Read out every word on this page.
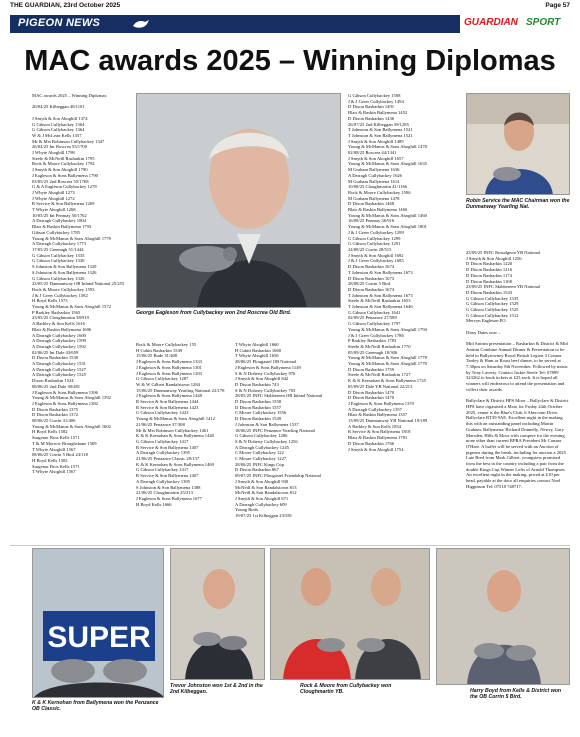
THE GUARDIAN, 23rd October 2025	Page 57
PIGEON NEWS	GUARDIAN SPORT
MAC awards 2025 – Winning Diplomas
MAC awards 2025 – Winning Diplomas

20/04/25 Kilbeggan 40/1101

J Smyth & Son Ahoghill 1374
G Gibson Cullybackey 1364
G Gibson Cullybackey 1364
W & J McLean Kells 1357
Mr & Mrs Robinson Cullybackey 1347
26/04/25 Inr Roscrea 55/1700
J Whyte Ahoghill 1798
Steele & McNeill Rasharkin 1795
Rock & Moore Cullybackey 1794
J Smyth & Son Ahoghill 1790
J Eagleson & Sons Ballymena 1790
03/05/25 2nd Roscrea 55/1768
G & A Eagleson Cullybackey 1278
J Whyte Ahoghill 1273
J Whyte Ahoghill 1272
R Service & Son Ballymena 1269
T Whyte Ahoghill 1268
10/05/25 Int Penmay 50/1762
A Darragh Cullybackey 1804
Blair & Raskin Ballymena 1793
Gibson Cullybackey 1785
Young & McManus & Sons Ahoghill 1779
A Darragh Cullybackey 1773
17/05/25 Greenagh 51/1444
G Gibson Cullybackey 1335
G Gibson Cullybackey 1330
S Johnston & Son Ballymena 1329
S Johnston & Son Ballymena 1326
G Gibson Cullybackey 1326
23/05/25 Dunmanway OB Inland National 25/255
Rock & Moore Cullybackey 1593
J & J Greer Cullybackey 1582
H Boyd Kells 1573
Young & McManus & Sons Ahoghill 1572
P Barkley Rasharkin 1565
23/05/25 Cloughmartin 38/919
A Barkley & Son Kells 1616
Blair & Raskin Ballymena 1606
A Darragh Cullybackey 1600
A Darragh Cullybackey 1599
A Darragh Cullybackey 1592
02/06/25 Int Dale 43/659
D Dixon Rasharkin 1530
A Darragh Cullybackey 1531
A Darragh Cullybackey 1527
A Darragh Cullybackey 1525
Dixon Rasharkin 1524
08/06/25 2nd Dale 38/481
J Eagleson & Sons Ballymena 1396
Young & McManus & Sons Ahoghill 1392
J Eagleson & Sons Ballymena 1382
D Dixon Rasharkin 1375
D Dixon Rasharkin 1372
08/06/25 Corrin 31/406
Young & McManus & Sons Ahoghill 1602
H Boyd Kells 1582
Surgenor Bros Kells 1571
T & M Morrow Broughshane 1569
T Whyte Ahoghill 1567
08/06/25 Corrin 5 Bird 24/118
H Boyd Kells 1582
Surgenor Bros Kells 1571
T Whyte Ahoghill 1567
George Eagleson from Cullybackey won 2nd Roscrea Old Bird.
Rock & Moore Cullybackey 155
H Cubitt Rasharkin 1549
15/06/25 Bude 31/408
J Eagleson & Sons Ballymena 1333
J Eagleson & Sons Ballymena 1301
J Eagleson & Sons Ballymena 1293
G Gibson Cullybackey 1287
W & W Gilbert Randalstown 1284
15/06/25 Dunmanway Yearling National 22/178
J Eagleson & Sons Ballymena 1448
R Service & Son Ballymena 1444
R Service & Son Ballymena 1423
G Gibson Cullybackey 1423
Young & McManus & Sons Ahoghill 1412
21/06/25 Penzance 37/308
Mr & Mrs Robinson Cullybackey 1461
K & K Kernohan & Sons Ballymena 1440
G Gibson Cullybackey 1417
R Service & Son Ballymena 1407
A Darragh Cullybackey 1395
21/06/25 Penzance Classic 20/137
K & K Kernohan & Sons Ballymena 1469
G Gibson Cullybackey 1417
R Service & Son Ballymena 1407
A Darragh Cullybackey 1395
S Johnston & Son Ballymena 1388
21/06/25 Cloughmartin 25/213
J Eagleson & Sons Ballymena 1677
H Boyd Kells 1666
T Whyte Ahoghill 1660
H Cubitt Rasharkin 1660
T Whyte Ahoghill 1656
28/06/25 Plougastel OB National
J Eagleson & Sons Ballymena 1149
S & N Doherty Cullybackey 976
J Smyth & Son Ahoghill 842
D Dixon Rasharkin 743
S & N Doherty Cullybackey 703
28/05/25 INFC Skibbereen OB Inland National
D Dixon Rasharkin 1558
D Dixon Rasharkin 1557
C Moore Cullybackey 1556
D Dixon Rasharkin 1549
J Johnston & Son Ballymena 1537
18/06/25 INFC Penzance Yearling National
G Gibson Cullybackey 1286
S & N Doherty Cullybackey 1256
A Darragh Cullybackey 1245
C Moore Cullybackey 122
C Moore Cullybackey 1227
28/06/25 INFC Kings Cup
D Dixon Rasharkin 867
09/07/25 INFC Plougastel Friendship National
J Smyth & Son Ahoghill 930
McNeill & Son Randalstown 813
McNeill & Son Randalstown 812
J Smyth & Son Ahoghill 671
A Darragh Cullybackey 609
Young Birds
19/07/25 1st Kilbeggan 23/581
G Gibson Cullybackey 1508
J & J Greer Cullybackey 1494
D Dixon Rasharkin 1491
Blair & Raskin Ballymena 1452
D Dixon Rasharkin 1436
26/07/25 2nd Kilbeggan 39/1285
T Johnston & Son Ballymena 1521
T Johnston & Son Ballymena 1521
J Smyth & Son Ahoghill 1489
Young & McManus & Sons Ahoghill 1478
02/08/25 Roscrea 44/1341
J Smyth & Son Ahoghill 1657
Young & McManus & Sons Ahoghill 1635
M Graham Ballymena 1636
A Darragh Cullybackey 1626
M Graham Ballymena 1614
10/08/25 Cloughmartin 41/1166
Rock & Moore Cullybackey 1506
M Graham Ballymena 1478
D Dixon Rasharkin 1468
Blair & Raskin Ballymena 1460
Young & McManus & Sons Ahoghill 1460
16/08/25 Penmay 36/916
Young & McManus & Sons Ahoghill 1801
J & J Greer Cullybackey 1299
G Gibson Cullybackey 1299
G Gibson Cullybackey 1291
24/08/25 Corrin 28/515
J Smyth & Son Ahoghill 1692
J & J Greer Cullybackey 1685
D Dixon Rasharkin 1674
T Johnston & Son Ballymena 1673
D Dixon Rasharkin 1673
28/08/25 Corrin 5 Bird
D Dixon Rasharkin 1674
T Johnston & Son Ballymena 1673
Steele & McNeill Rasharkin 1653
T Johnston & Son Ballymena 1646
G Gibson Cullybackey 1641
02/09/25 Penzance 27/589
G Gibson Cullybackey 1797
Young & McManus & Sons Ahoghill 1794
J & J Greer Cullybackey 1786
P Barkley Rasharkin 1783
Steele & McNeill Rasharkin 1770
05/09/25 Greenagh 18/306
Young & McManus & Sons Ahoghill 1778
Young & McManus & Sons Ahoghill 1770
D Dixon Rasharkin 1759
Steele & McNeill Rasharkin 1727
K & K Kernohan & Sons Ballymena 1725
05/09/25 Dale YB National 22/213
D Dixon Rasharkin 1470
D Dixon Rasharkin 1470
J Eagleson & Sons Ballymena 1370
A Darragh Cullybackey 1357
Blair & Raskin Ballymena 1357
13/09/25 Dunmanway YB National 19/189
A Barkley & Son Kells 1834
R Service & Son Ballymena 1818
Blair & Raskin Ballymena 1781
D Dixon Rasharkin 1766
J Smyth & Son Ahoghill 1754
Robin Service the MAC Chairman won the Dunmanway Yearling Nat.
23/09/25 INFC Rosudgeon YB National
J Smyth & Son Ahoghill 1256
D Dixon Rasharkin 1220
D Dixon Rasharkin 1216
D Dixon Rasharkin 1174
D Dixon Rasharkin 1168
23/09/25 INFC Skibbereen YB National
D Dixon Rasharkin 1543
G Gibson Cullybackey 1535
G Gibson Cullybackey 1529
G Gibson Cullybackey 1525
G Gibson Cullybackey 1512
Mervyn Eagleson PO.

Diary Dates now –

Mid Antrim presentation – Rasharkin & District & Mid Antrim Combine Annual Dinner & Presentation to be held in Ballyrowney Royal British Legion 3 Connor Tardey & Ham or Roast beef dinner, to be served at 7.30pm on Saturday 8th November. Followed by music by Tony Laverty. Contact Jackie Steele Tel: 07899 323262 to book tickets at £25 each. It is hoped all winners will endeavour to attend the presentation and collect their awards.

Ballyclare & District HPS Moor – Ballyclare & District HPS have organised a Moot for Friday 24th October 2025, venue is the Blue's Club, 6 Aberconn Drive, Ballyclare BT39 9AE. Excellent night in the making this with an outstanding panel including Martin Graham, Ballymena; Richard Donnelly, Newry, Gary Marsden, Hills & Moor with compere for the evening none other than current RPRA President Mr Connor O'Hare. A buffet will be served with an Auction of pigeons during the break, including for auction a 2025 Late Bred from Mark Gilbert, youngsters promised from the best in the country including a pair from the double Kings Cup Winner Lofts of Arnold Thompson. An excellent night in the making, priced at £10 per head, payable at the door all enquiries contact Noel Higginson Tel: 07518 748717.
SUPER
K & K Kernohan from Ballymena won the Penzance OB Classic.
Trevor Johnston won 1st & 2nd in the 2nd Kilbeggan.
Rock & Moore from Cullybackey won Cloughmartin YB.	Harry Boyd from Kells & District won the OB Corrin 5 Bird.
